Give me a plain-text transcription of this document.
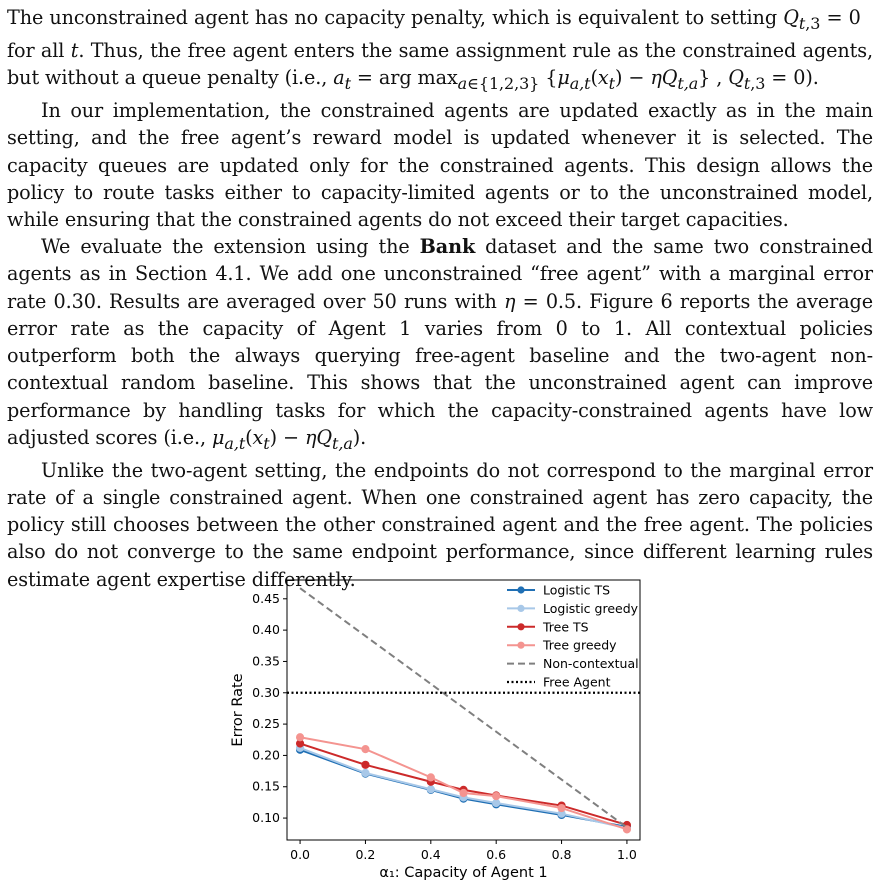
The unconstrained agent has no capacity penalty, which is equivalent to setting $Q_{t,3} = 0$   for all t. Thus, the free agent enters the same assignment rule as the constrained agents, but without a queue penalty (i.e., $a_t$ = arg $\max_{a\in\{1,2,3\}} \{\mu_{a,t}(x_t) - \eta Q_{t,a}\}$ , $Q_{t,3} = 0$).

In our implementation, the constrained agents are updated exactly as in the main setting, and the free agent’s reward model is updated whenever it is selected. The capacity queues are updated only for the constrained agents. This design allows the policy to route tasks either to capacity-limited agents or to the unconstrained model, while ensuring that the constrained agents do not exceed their target capacities.

We evaluate the extension using the Bank dataset and the same two constrained agents as in Section 4.1. We add one unconstrained “free agent” with a marginal error rate 0.30. Results are averaged over 50 runs with η = 0.5. Figure 6 reports the average error rate as the capacity of Agent 1 varies from 0 to 1. All contextual policies outperform both the always querying free-agent baseline and the two-agent non-contextual random baseline. This shows that the unconstrained agent can improve performance by handling tasks for which the capacity-constrained agents have low adjusted scores (i.e., $\mu_{a,t}(x_t) - \eta Q_{t,a}$).

Unlike the two-agent setting, the endpoints do not correspond to the marginal error rate of a single constrained agent. When one constrained agent has zero capacity, the policy still chooses between the other constrained agent and the free agent. The policies also do not converge to the same endpoint performance, since different learning rules estimate agent expertise differently.

0.10
0.15
0.20
0.25
0.30
0.35
0.40
0.45
0.0	0.2	0.4	0.6	0.8	1.0
α₁: Capacity of Agent 1
Error Rate
Logistic TS
Logistic greedy
Tree TS
Tree greedy
Non-contextual
Free Agent
